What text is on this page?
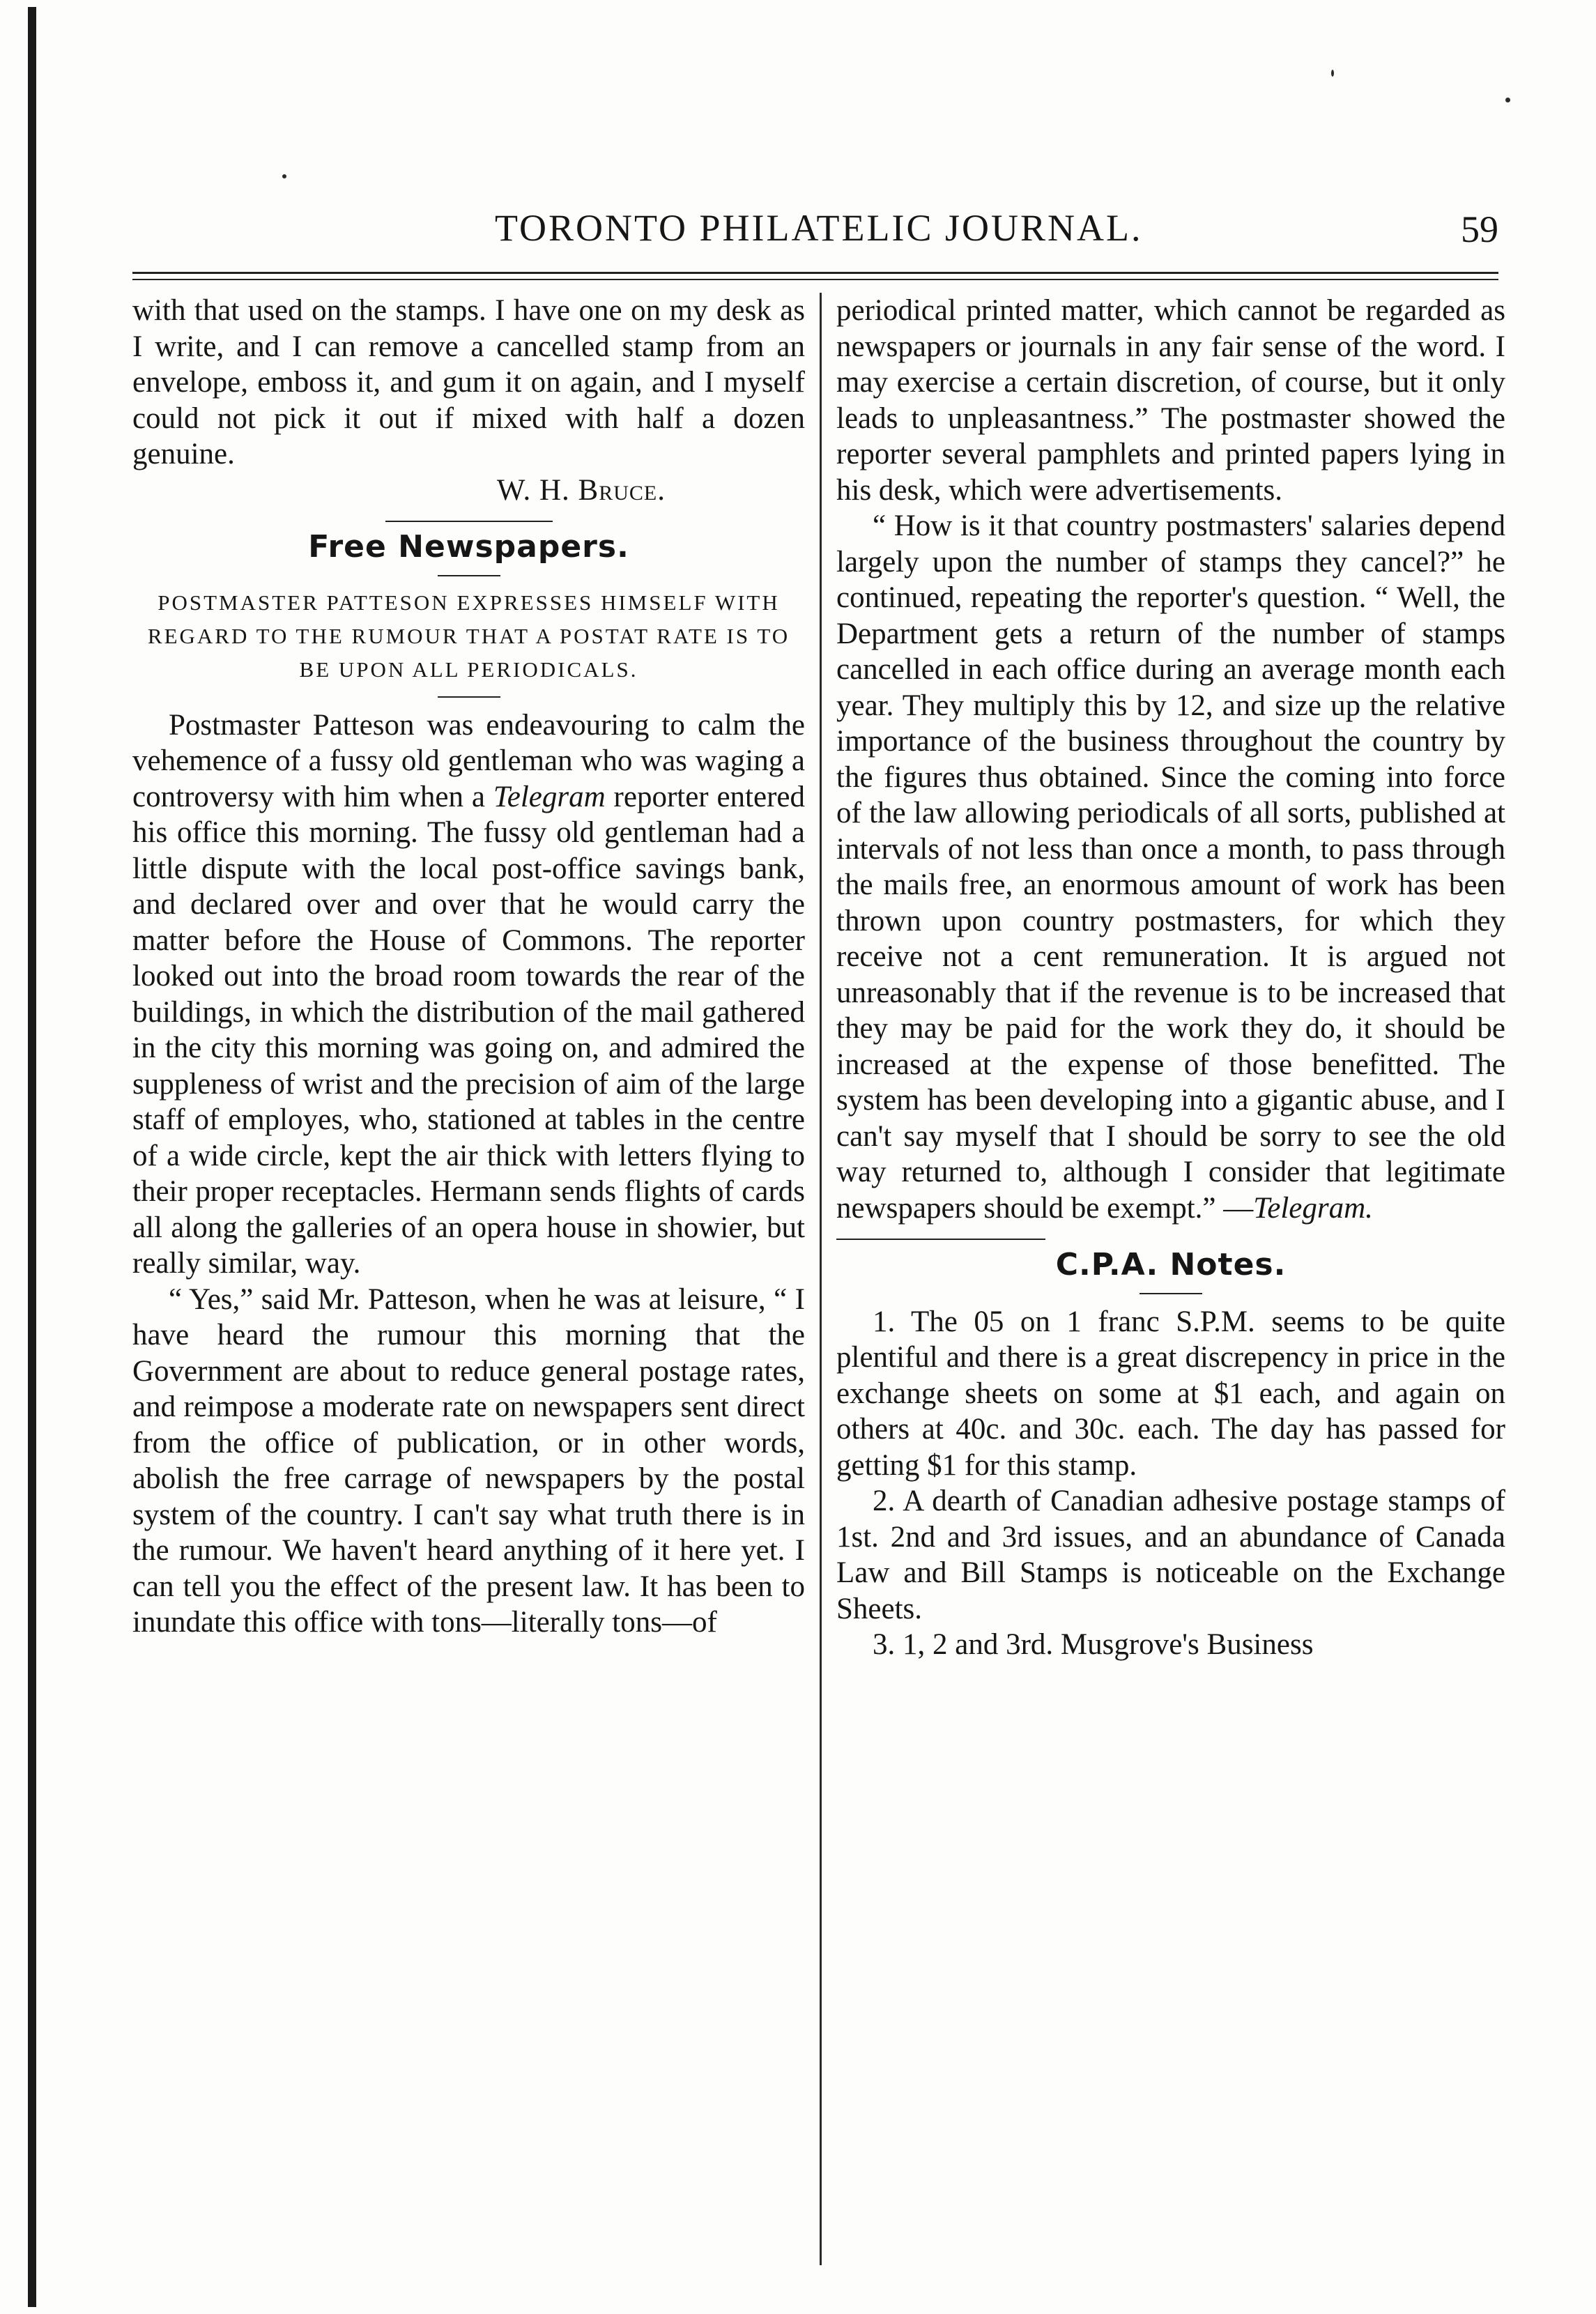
TORONTO PHILATELIC JOURNAL.	59

with that used on the stamps. I have one on my desk as I write, and I can remove a cancelled stamp from an envelope, emboss it, and gum it on again, and I myself could not pick it out if mixed with half a dozen genuine.

W. H. Bruce.

Free Newspapers.
POSTMASTER PATTESON EXPRESSES HIMSELF WITH REGARD TO THE RUMOUR THAT A POSTAT RATE IS TO BE UPON ALL PERIODICALS.

Postmaster Patteson was endeavouring to calm the vehemence of a fussy old gentleman who was waging a controversy with him when a Telegram reporter entered his office this morning. The fussy old gentleman had a little dispute with the local post-office savings bank, and declared over and over that he would carry the matter before the House of Commons. The reporter looked out into the broad room towards the rear of the buildings, in which the distribution of the mail gathered in the city this morning was going on, and admired the suppleness of wrist and the precision of aim of the large staff of employes, who, stationed at tables in the centre of a wide circle, kept the air thick with letters flying to their proper receptacles. Hermann sends flights of cards all along the galleries of an opera house in showier, but really similar, way.

“ Yes,” said Mr. Patteson, when he was at leisure, “ I have heard the rumour this morning that the Government are about to reduce general postage rates, and reimpose a moderate rate on newspapers sent direct from the office of publication, or in other words, abolish the free carrage of newspapers by the postal system of the country. I can't say what truth there is in the rumour. We haven't heard anything of it here yet. I can tell you the effect of the present law. It has been to inundate this office with tons—literally tons—of

periodical printed matter, which cannot be regarded as newspapers or journals in any fair sense of the word. I may exercise a certain discretion, of course, but it only leads to unpleasantness.” The postmaster showed the reporter several pamphlets and printed papers lying in his desk, which were advertisements.

“ How is it that country postmasters' salaries depend largely upon the number of stamps they cancel?” he continued, repeating the reporter's question. “ Well, the Department gets a return of the number of stamps cancelled in each office during an average month each year. They multiply this by 12, and size up the relative importance of the business throughout the country by the figures thus obtained. Since the coming into force of the law allowing periodicals of all sorts, published at intervals of not less than once a month, to pass through the mails free, an enormous amount of work has been thrown upon country postmasters, for which they receive not a cent remuneration. It is argued not unreasonably that if the revenue is to be increased that they may be paid for the work they do, it should be increased at the expense of those benefitted. The system has been developing into a gigantic abuse, and I can't say myself that I should be sorry to see the old way returned to, although I consider that legitimate newspapers should be exempt.” —Telegram.

C.P.A. Notes.

1. The 05 on 1 franc S.P.M. seems to be quite plentiful and there is a great discrepency in price in the exchange sheets on some at $1 each, and again on others at 40c. and 30c. each. The day has passed for getting $1 for this stamp.

2. A dearth of Canadian adhesive postage stamps of 1st. 2nd and 3rd issues, and an abundance of Canada Law and Bill Stamps is noticeable on the Exchange Sheets.

3. 1, 2 and 3rd. Musgrove's Business
